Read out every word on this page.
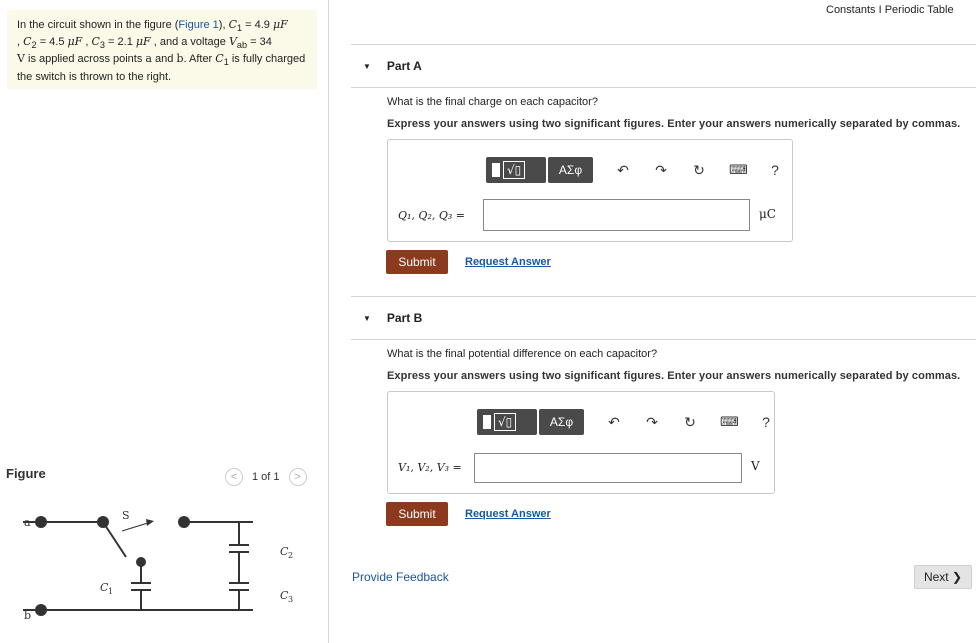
In the circuit shown in the figure (Figure 1), $C_1 = 4.9$ μF
, $C_2 = 4.5$ μF , $C_3 = 2.1$ μF , and a voltage $V_{ab} = 34$
V is applied across points a and b. After $C_1$ is fully charged the switch is thrown to the right.
Figure	<	1 of 1	>
a
b
S
C 1
C 2
C 3
Constants I Periodic Table
▼ Part A
What is the final charge on each capacitor?
Express your answers using two significant figures. Enter your answers numerically separated by commas.
√▯	ΑΣφ	↶ ↷ ↻ ⌨ ?
Q₁, Q₂, Q₃ =	μC
Submit	Request Answer
▼ Part B
What is the final potential difference on each capacitor?
Express your answers using two significant figures. Enter your answers numerically separated by commas.
√▯	ΑΣφ	↶ ↷ ↻ ⌨ ?
V₁, V₂, V₃ =	V
Submit	Request Answer
Provide Feedback	Next ❯
